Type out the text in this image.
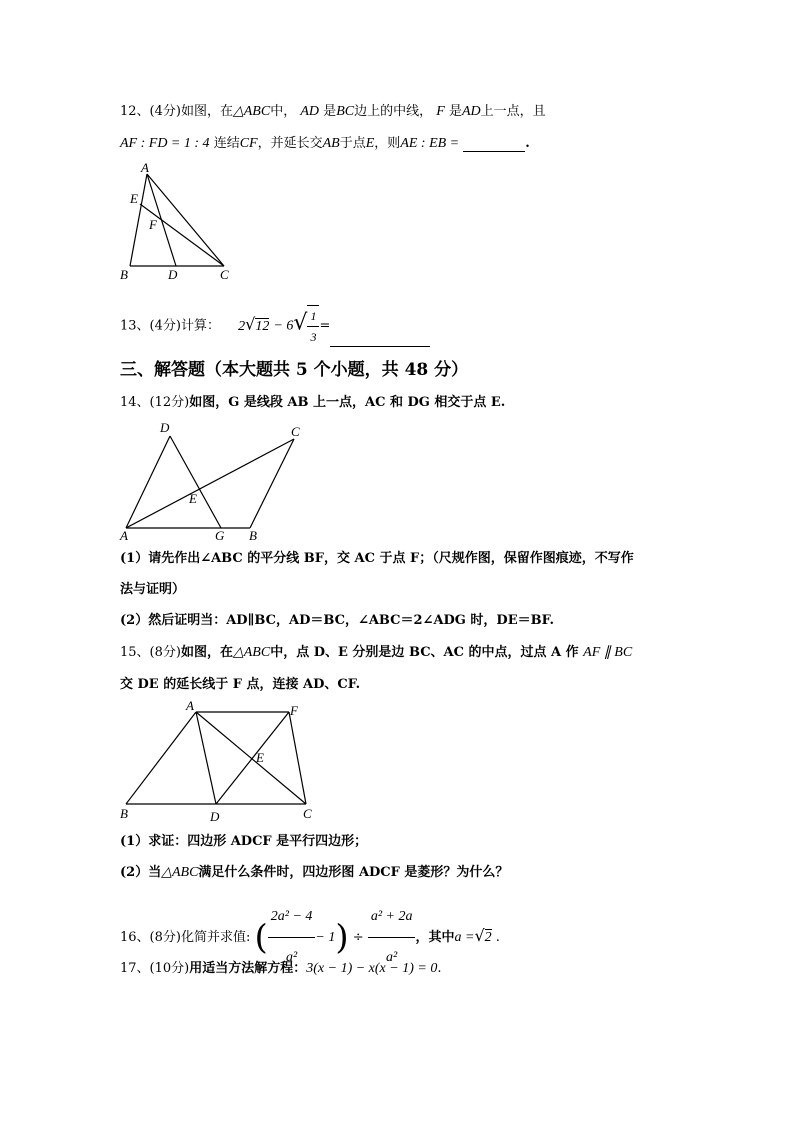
12、(4分)如图，在△ABC中， AD 是BC边上的中线， F 是AD上一点，且
AF : FD = 1 : 4 连结CF，并延长交AB于点E，则AE : EB =	.
A
E
F
B	D	C
13、(4分)计算： $2√12 - 6√ \frac{1}{3}$ =
三、解答题（本大题共 5 个小题，共 48 分）
14、(12分)如图，G 是线段 AB 上一点，AC 和 DG 相交于点 E.
D	C
E
A	G B
(1）请先作出∠ABC 的平分线 BF，交 AC 于点 F；（尺规作图，保留作图痕迹，不写作
法与证明）
(2）然后证明当：AD∥BC，AD＝BC，∠ABC＝2∠ADG 时，DE＝BF.
15、(8分)如图，在△ABC中，点 D、E 分别是边 BC、AC 的中点，过点 A 作 AF ∥ BC
交 DE 的延长线于 F 点，连接 AD、CF.
A	F
E
B	D	C
(1）求证：四边形 ADCF 是平行四边形；
(2）当△ABC满足什么条件时，四边形图 ADCF 是菱形？为什么？
16、(8分)化简并求值: ( $\frac{\text{2a² − 4}}{\text{a²}} - 1) \div \frac{\text{a² + 2a}}{\text{a²}}$ ，其中a =√2 .
17、(10分)用适当方法解方程：3(x − 1) − x(x − 1) = 0.
